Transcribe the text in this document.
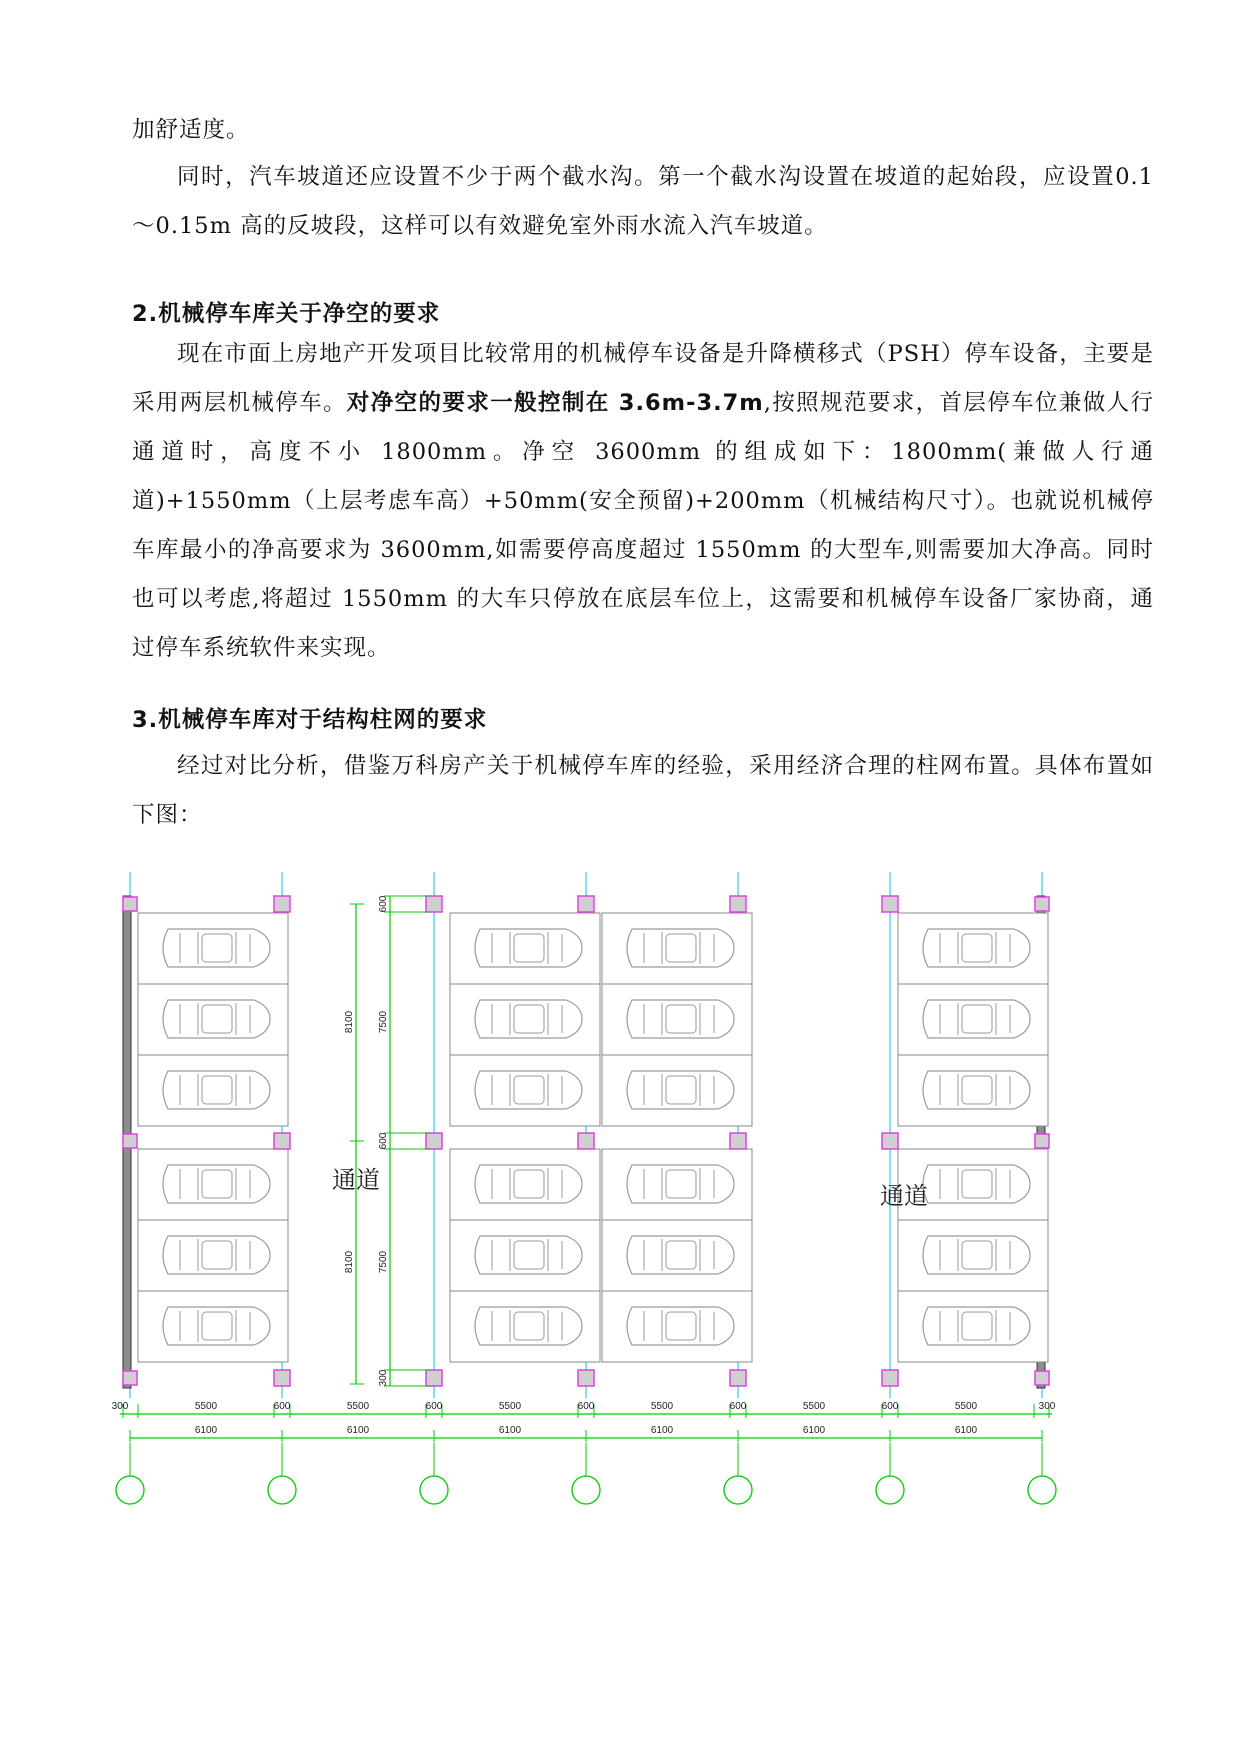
加舒适度。

同时，汽车坡道还应设置不少于两个截水沟。第一个截水沟设置在坡道的起始段，应设置0.1～0.15m 高的反坡段，这样可以有效避免室外雨水流入汽车坡道。

2.机械停车库关于净空的要求

现在市面上房地产开发项目比较常用的机械停车设备是升降横移式（PSH）停车设备，主要是采用两层机械停车。对净空的要求一般控制在 3.6m-3.7m,按照规范要求，首层停车位兼做人行通道时，高度不小 1800mm。净空 3600mm 的组成如下：1800mm(兼做人行通道)+1550mm（上层考虑车高）+50mm(安全预留)+200mm（机械结构尺寸）。也就说机械停车库最小的净高要求为 3600mm,如需要停高度超过 1550mm 的大型车,则需要加大净高。同时也可以考虑,将超过 1550mm 的大车只停放在底层车位上，这需要和机械停车设备厂家协商，通过停车系统软件来实现。

3.机械停车库对于结构柱网的要求

经过对比分析，借鉴万科房产关于机械停车库的经验，采用经济合理的柱网布置。具体布置如下图：

8100
8100
600
7500
600
7500
300
300	5500	600	5500	600	5500	600	5500	600	5500	600	5500	300
6100	6100	6100	6100	6100	6100
通道
通道
